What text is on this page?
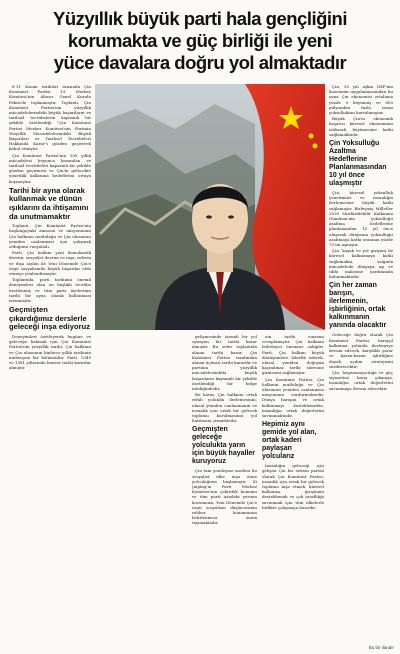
Yüzyıllık büyük parti hala gençliğini
korumakta ve güç birliği ile yeni
yüce davalara doğru yol almaktadır

8-11 Kasım tarihleri arasında Çin Komünist Partisi 19. Merkez Komitesi'nin Altıncı Genel Kurulu Pekin'de toplanmıştır. Toplantı, Çin Komünist Partisi'nin yüzyıllık mücadelelerindeki büyük başarıların ve tarihsel tecrübelerin kapsamlı bir şekilde özetlendiği "Çin Komünist Partisi Merkez Komitesi'nin Partinin Yüzyıllık Mücadelelerindeki Büyük Başarıları ve Tarihsel Tecrübeleri Hakkında Karar"ı gözden geçirerek kabul etmiştir.

Çin Komünist Partisi'nin 100 yıllık mücadelesi boyunca kazanılan ve tarihsel tecrübeleri kapsamlı bir şekilde gözden geçirmesi ve Çin'in gelecekte yönetilik kalkınma hedeflerini ortaya koymuştur.

Tarihi bir ayna olarak kullanmak ve dünün ışıklarını da ihtişamını da unutmamaktır

Toplantı, Çin Komünist Partisi'nin başlangıçtaki amacını ve misyonunun Çin halkının mutluluğu ve Çin ulusunun yeniden canlanması için çalışmak olduğunu vurguladı.

Parti, Çin halkını yeni demokratik devrim, sosyalist devrim ve inşa, reform ve dışa açılım ile Yeni Dönemde Çin'e özgü sosyalizmde büyük başarılar elde etmeye yönlendirmiştir.

Toplantıda, parti tarihinin önemli deneyimleri olan on başlıklı tecrübe özetlenmiş ve tüm parti üyelerinin tarihi bir ayna olarak kullanması istenmiştir.

Geçmişten çıkardığımız derslerle geleceği inşa ediyoruz

Deneyimleri özetleyerek bugüne ve geleceğe bakmak için Çin Komünist Partisi'nin yüzyıllık tarihi, Çin halkının ve Çin ulusunun binlerce yıllık tarihinin muhteşem bir bölümüdür. Parti, 1949 ve 1981 yıllarında benzer tarihi kararlar almıştır.

gelişmesinde önemli bir yol oynayan bir tarihi karar almıştır. Bu sefer toplantıda alınan tarihi karar, Çin Komünist Partisi tarafından alınan üçüncü tarihi karardır ve partinin yüzyıllık mücadelesindeki büyük başarıların kapsamlı bir şekilde özetlendiği bir belge niteliğindedir.

Bu karar, Çin halkının ortak refah yolunda ilerlemesinin, ulusal yeniden canlanmanın ve insanlık için ortak bir gelecek toplumu kurulmasının yol haritasını çizmektedir.

Geçmişten geleceğe yolculukta yarın için büyük hayaller kuruyoruz

Çin tam yenileşme modeni bu sosyalist ülke inşa etme yolculuğuna başlamıştır. Xi Jinping'in Parti Merkez Komitesi'nin çekirdek konumu ve tüm parti içindeki yerinin korunması, Yeni Dönemde Çin'e özgü sosyalizm düşüncesinin rehber konumunun belirlenmesi önem taşımaktadır.

nin tarihi sınavını cevaplamıştır. Çin halkının belirleyici önemine sahiptir. Parti, Çin halkını büyük dönüşümlere liderlik ederek, ulusal yeniden doğuşun kaçınılmaz tarihi sürecine girmesini sağlamıştır.

Çin Komünist Partisi, Çin halkının mutluluğu ve Çin ulusunun yeniden canlanması misyonunu sürdürmektedir. Dünya barışını ve ortak kalkınmayı desteklemekte, insanlığın ortak değerlerini savunmaktadır.

Hepimiz aynı gemide yol alan, ortak kaderi paylaşan yolcularız

İnsanlığın geleceği için gelişen Çin bir sistem partisi olarak Çin Komünist Partisi, insanlık için ortak bir gelecek toplumu inşa etmek, küresel kalkınma girişimini desteklemek ve çok taraflılığı savunmak için tüm ülkelerle birlikte çalışmaya hazırdır.

Çin, 30 yılı aşkın IMF'nin kuzeninin uygulanmasından bu yana Çin ekonomisi ortalama yüzde 9 büyümüş ve 800 milyondan fazla insan yoksulluktan kurtulmuştur.

Büyük Çin'in ekonomik başarısı küresel ekonominin istikrarlı büyümesine katkı sağlamaktadır.

Çin Yoksulluğu Azaltma Hedeflerine Planlanmasından 10 yıl önce ulaşmıştır

Çin, küresel yoksulluk yönetimine ve insanlığın ilerlemesine büyük katkı sağlamıştır. Birleşmiş Milletler 2030 Sürdürülebilir Kalkınma Gündemi'nin yoksulluğu azaltma hedeflerine planlanandan 10 yıl önce ulaşarak dünyanın yoksulluğu azaltmaya katkı oranının yüzde 70'ini aşmıştır.

Çin, kuşak ve yol girişimi ile küresel kalkınmaya katkı sağlamakta, salgınla mücadelede dünyaya aşı ve tıbbi malzeme yardımında bulunmaktadır.

Çin her zaman barışın, ilerlemenin, işbirliğinin, ortak kalkınmanın yanında olacaktır

Geleceğe doğru olarak Çin Komünist Partisi, barışçıl kalkınma yolunda ilerlemeye devam edecek, karşılıklı yarar ve kazan-kazan işbirliğine dayalı açılım stratejisini sürdürecektir.

Çin, hegemonyacılığa ve güç siyasetine karşı çıkmaya, insanlığın ortak değerlerini savunmaya devam edecektir.

Bu bir ilandır
